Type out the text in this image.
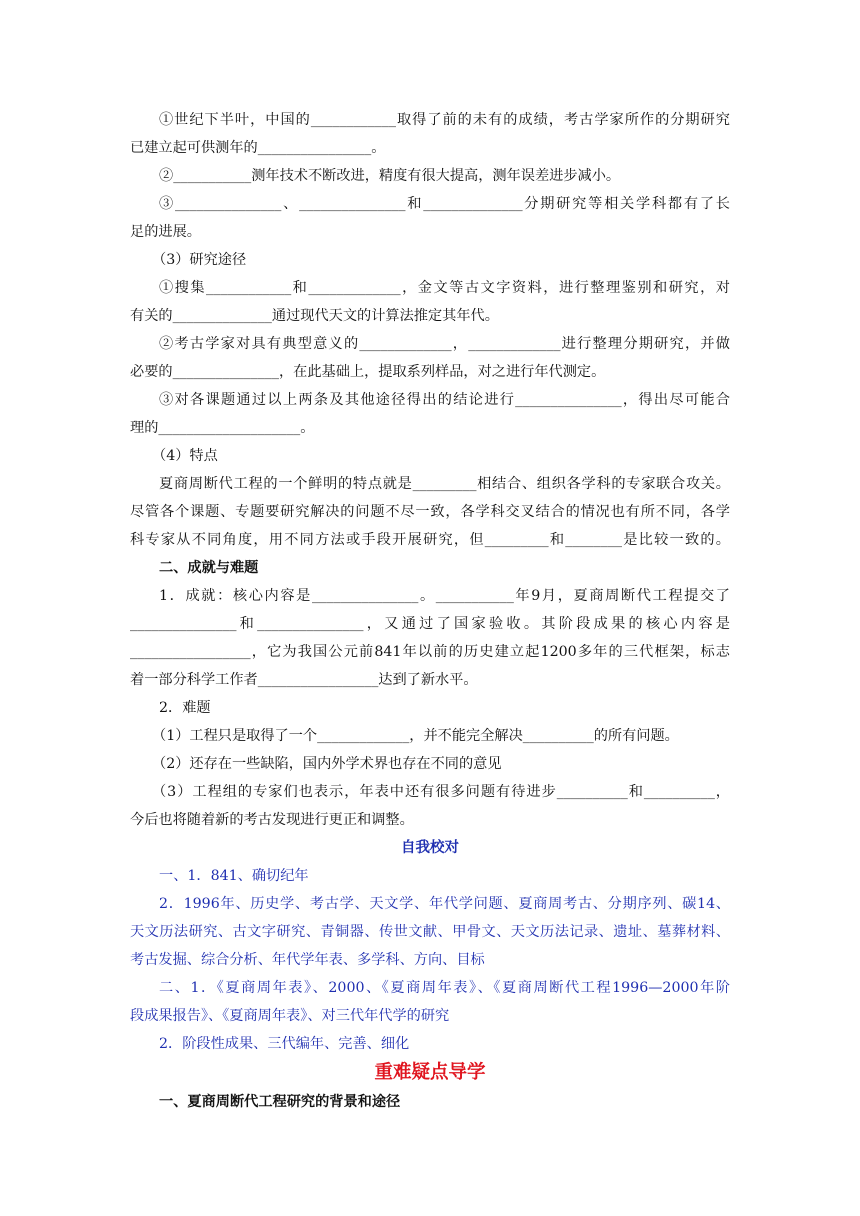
①世纪下半叶，中国的____________取得了前的未有的成绩，考古学家所作的分期研究
已建立起可供测年的________________。
②___________测年技术不断改进，精度有很大提高，测年误差进步减小。
③_______________、_______________和______________分期研究等相关学科都有了长
足的进展。
（3）研究途径
①搜集____________和_____________，金文等古文字资料，进行整理鉴别和研究，对
有关的______________通过现代天文的计算法推定其年代。
②考古学家对具有典型意义的_____________，_____________进行整理分期研究，并做
必要的_______________，在此基础上，提取系列样品，对之进行年代测定。
③对各课题通过以上两条及其他途径得出的结论进行_______________，得出尽可能合
理的____________________。
（4）特点
夏商周断代工程的一个鲜明的特点就是_________相结合、组织各学科的专家联合攻关。
尽管各个课题、专题要研究解决的问题不尽一致，各学科交叉结合的情况也有所不同，各学
科专家从不同角度，用不同方法或手段开展研究，但_________和________是比较一致的。
二、成就与难题
1．成就：核心内容是_______________。___________年9月，夏商周断代工程提交了
_______________和_______________，又通过了国家验收。其阶段成果的核心内容是
_________________，它为我国公元前841年以前的历史建立起1200多年的三代框架，标志
着一部分科学工作者_________________达到了新水平。
2．难题
（1）工程只是取得了一个_____________，并不能完全解决__________的所有问题。
（2）还存在一些缺陷，国内外学术界也存在不同的意见
（3）工程组的专家们也表示，年表中还有很多问题有待进步__________和__________，
今后也将随着新的考古发现进行更正和调整。
自我校对
一、1．841、确切纪年
2．1996年、历史学、考古学、天文学、年代学问题、夏商周考古、分期序列、碳14、
天文历法研究、古文字研究、青铜器、传世文献、甲骨文、天文历法记录、遗址、墓葬材料、
考古发掘、综合分析、年代学年表、多学科、方向、目标
二、1．《夏商周年表》、2000、《夏商周年表》、《夏商周断代工程1996—2000年阶
段成果报告》、《夏商周年表》、对三代年代学的研究
2．阶段性成果、三代编年、完善、细化
重难疑点导学
一、夏商周断代工程研究的背景和途径
